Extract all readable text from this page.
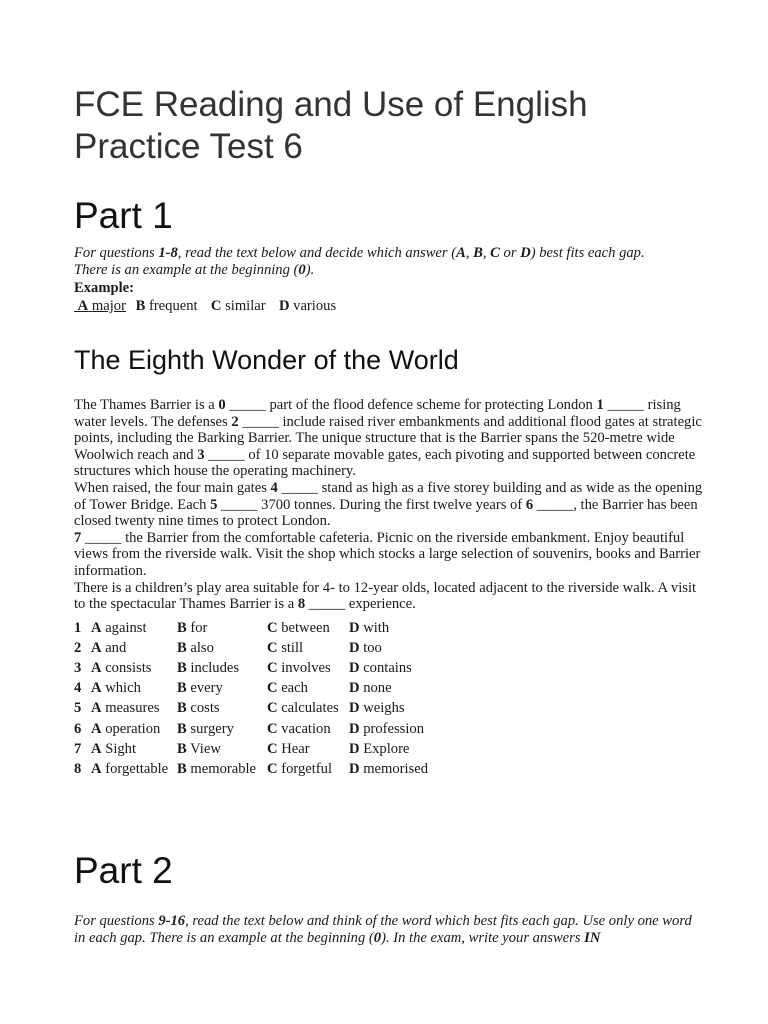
FCE Reading and Use of English
Practice Test 6
Part 1
For questions 1-8, read the text below and decide which answer (A, B, C or D) best fits each gap.
There is an example at the beginning (0).
Example:
A major B frequent C similar D various
The Eighth Wonder of the World

The Thames Barrier is a 0 _____ part of the flood defence scheme for protecting London 1 _____ rising water levels. The defenses 2 _____ include raised river embankments and additional flood gates at strategic points, including the Barking Barrier. The unique structure that is the Barrier spans the 520-metre wide Woolwich reach and 3 _____ of 10 separate movable gates, each pivoting and supported between concrete structures which house the operating machinery.

When raised, the four main gates 4 _____ stand as high as a five storey building and as wide as the opening of Tower Bridge. Each 5 _____ 3700 tonnes. During the first twelve years of 6 _____, the Barrier has been closed twenty nine times to protect London.

7 _____ the Barrier from the comfortable cafeteria. Picnic on the riverside embankment. Enjoy beautiful views from the riverside walk. Visit the shop which stocks a large selection of souvenirs, books and Barrier information.

There is a children’s play area suitable for 4- to 12-year olds, located adjacent to the riverside walk. A visit to the spectacular Thames Barrier is a 8 _____ experience.

1	A against	B for	C between	D with
2	A and	B also	C still	D too
3	A consists	B includes	C involves	D contains
4	A which	B every	C each	D none
5	A measures	B costs	C calculates	D weighs
6	A operation	B surgery	C vacation	D profession
7	A Sight	B View	C Hear	D Explore
8	A forgettable	B memorable	C forgetful	D memorised
Part 2
For questions 9-16, read the text below and think of the word which best fits each gap. Use only one word in each gap. There is an example at the beginning (0). In the exam, write your answers IN
